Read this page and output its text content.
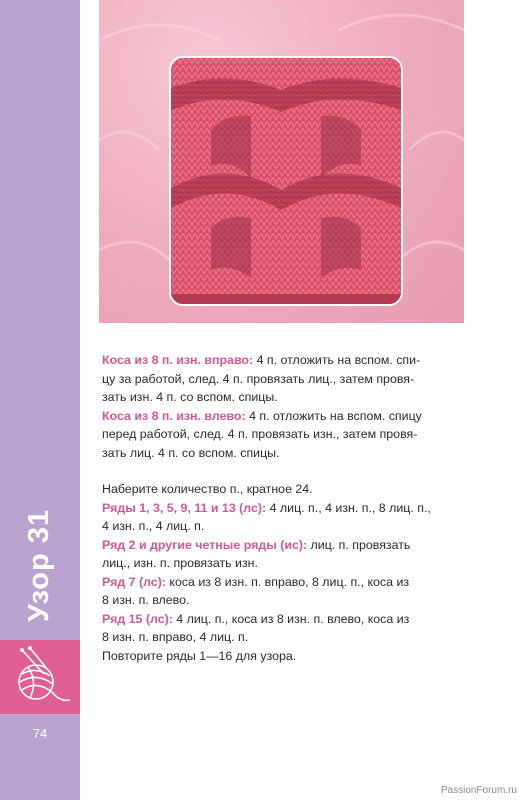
Узор 31
74

Коса из 8 п. изн. вправо: 4 п. отложить на вспом. спи-

цу за работой, след. 4 п. провязать лиц., затем провя-

зать изн. 4 п. со вспом. спицы.

Коса из 8 п. изн. влево: 4 п. отложить на вспом. спицу

перед работой, след. 4 п. провязать изн., затем провя-

зать лиц. 4 п. со вспом. спицы.

Наберите количество п., кратное 24.

Ряды 1, 3, 5, 9, 11 и 13 (лс): 4 лиц. п., 4 изн. п., 8 лиц. п.,

4 изн. п., 4 лиц. п.

Ряд 2 и другие четные ряды (ис): лиц. п. провязать

лиц., изн. п. провязать изн.

Ряд 7 (лс): коса из 8 изн. п. вправо, 8 лиц. п., коса из

8 изн. п. влево.

Ряд 15 (лс): 4 лиц. п., коса из 8 изн. п. влево, коса из

8 изн. п. вправо, 4 лиц. п.

Повторите ряды 1—16 для узора.

PassionForum.ru
